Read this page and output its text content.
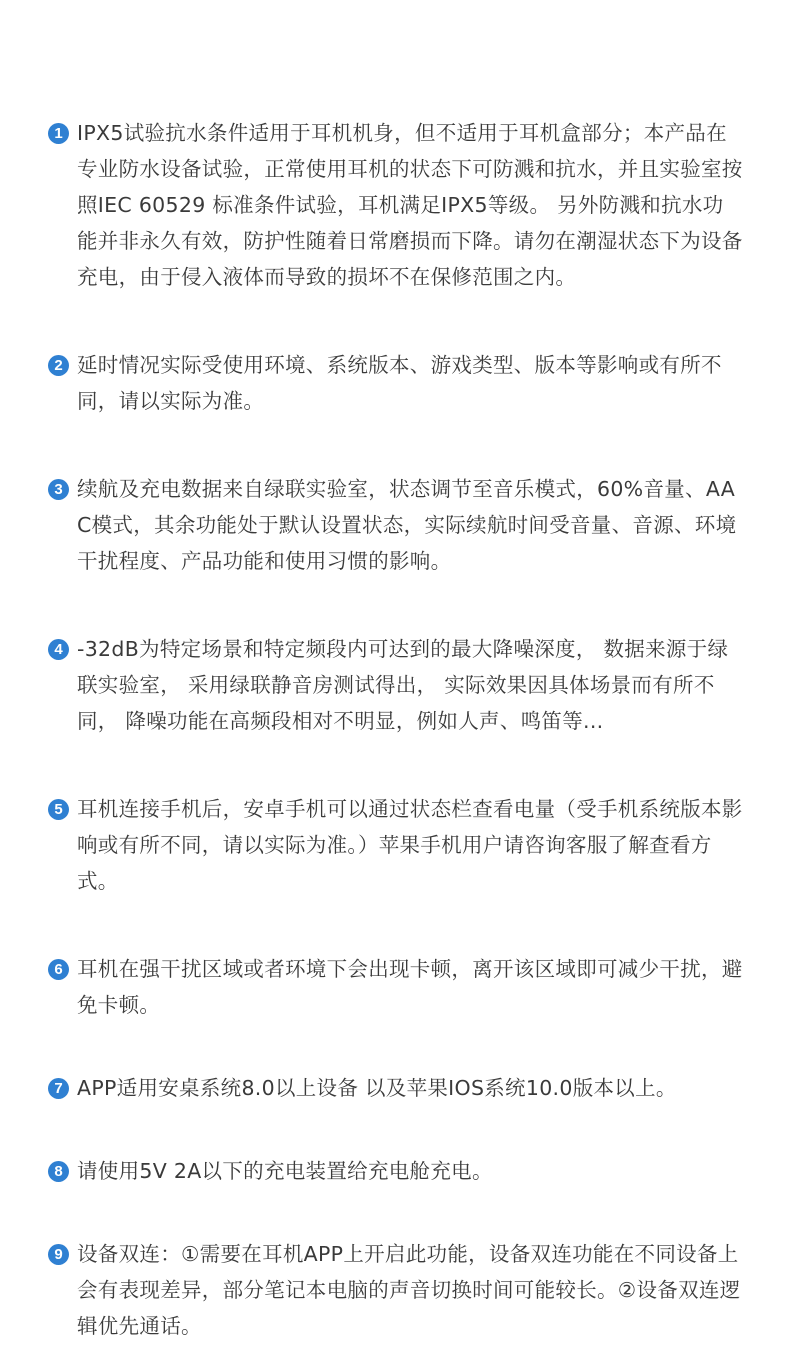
1 IPX5试验抗水条件适用于耳机机身，但不适用于耳机盒部分；本产品在专业防水设备试验，正常使用耳机的状态下可防溅和抗水，并且实验室按照IEC 60529 标准条件试验，耳机满足IPX5等级。 另外防溅和抗水功能并非永久有效，防护性随着日常磨损而下降。请勿在潮湿状态下为设备充电，由于侵入液体而导致的损坏不在保修范围之内。
2 延时情况实际受使用环境、系统版本、游戏类型、版本等影响或有所不同，请以实际为准。
3 续航及充电数据来自绿联实验室，状态调节至音乐模式，60%音量、AAC模式，其余功能处于默认设置状态，实际续航时间受音量、音源、环境干扰程度、产品功能和使用习惯的影响。
4 -32dB为特定场景和特定频段内可达到的最大降噪深度， 数据来源于绿联实验室， 采用绿联静音房测试得出， 实际效果因具体场景而有所不同， 降噪功能在高频段相对不明显，例如人声、鸣笛等...
5 耳机连接手机后，安卓手机可以通过状态栏查看电量（受手机系统版本影响或有所不同，请以实际为准。）苹果手机用户请咨询客服了解查看方式。
6 耳机在强干扰区域或者环境下会出现卡顿，离开该区域即可减少干扰，避免卡顿。
7 APP适用安桌系统8.0以上设备 以及苹果IOS系统10.0版本以上。
8 请使用5V 2A以下的充电装置给充电舱充电。
9 设备双连：①需要在耳机APP上开启此功能，设备双连功能在不同设备上会有表现差异，部分笔记本电脑的声音切换时间可能较长。②设备双连逻辑优先通话。
